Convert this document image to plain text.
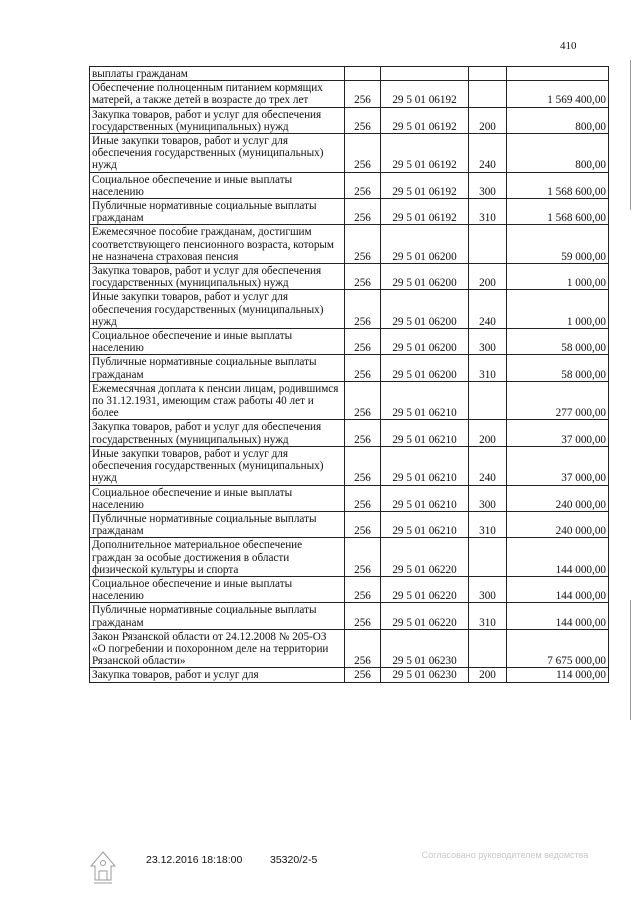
410
выплаты гражданам				
Обеспечение полноценным питанием кормящих матерей, а также детей в возрасте до трех лет	256	29 5 01 06192		1 569 400,00
Закупка товаров, работ и услуг для обеспечения государственных (муниципальных) нужд	256	29 5 01 06192	200	800,00
Иные закупки товаров, работ и услуг для обеспечения государственных (муниципальных) нужд	256	29 5 01 06192	240	800,00
Социальное обеспечение и иные выплаты населению	256	29 5 01 06192	300	1 568 600,00
Публичные нормативные социальные выплаты гражданам	256	29 5 01 06192	310	1 568 600,00
Ежемесячное пособие гражданам, достигшим соответствующего пенсионного возраста, которым не назначена страховая пенсия	256	29 5 01 06200		59 000,00
Закупка товаров, работ и услуг для обеспечения государственных (муниципальных) нужд	256	29 5 01 06200	200	1 000,00
Иные закупки товаров, работ и услуг для обеспечения государственных (муниципальных) нужд	256	29 5 01 06200	240	1 000,00
Социальное обеспечение и иные выплаты населению	256	29 5 01 06200	300	58 000,00
Публичные нормативные социальные выплаты гражданам	256	29 5 01 06200	310	58 000,00
Ежемесячная доплата к пенсии лицам, родившимся по 31.12.1931, имеющим стаж работы 40 лет и более	256	29 5 01 06210		277 000,00
Закупка товаров, работ и услуг для обеспечения государственных (муниципальных) нужд	256	29 5 01 06210	200	37 000,00
Иные закупки товаров, работ и услуг для обеспечения государственных (муниципальных) нужд	256	29 5 01 06210	240	37 000,00
Социальное обеспечение и иные выплаты населению	256	29 5 01 06210	300	240 000,00
Публичные нормативные социальные выплаты гражданам	256	29 5 01 06210	310	240 000,00
Дополнительное материальное обеспечение граждан за особые достижения в области физической культуры и спорта	256	29 5 01 06220		144 000,00
Социальное обеспечение и иные выплаты населению	256	29 5 01 06220	300	144 000,00
Публичные нормативные социальные выплаты гражданам	256	29 5 01 06220	310	144 000,00
Закон Рязанской области от 24.12.2008 № 205-ОЗ «О погребении и похоронном деле на территории Рязанской области»	256	29 5 01 06230		7 675 000,00
Закупка товаров, работ и услуг для	256	29 5 01 06230	200	114 000,00
23.12.2016 18:18:00	35320/2-5	Согласовано руководителем ведомства
